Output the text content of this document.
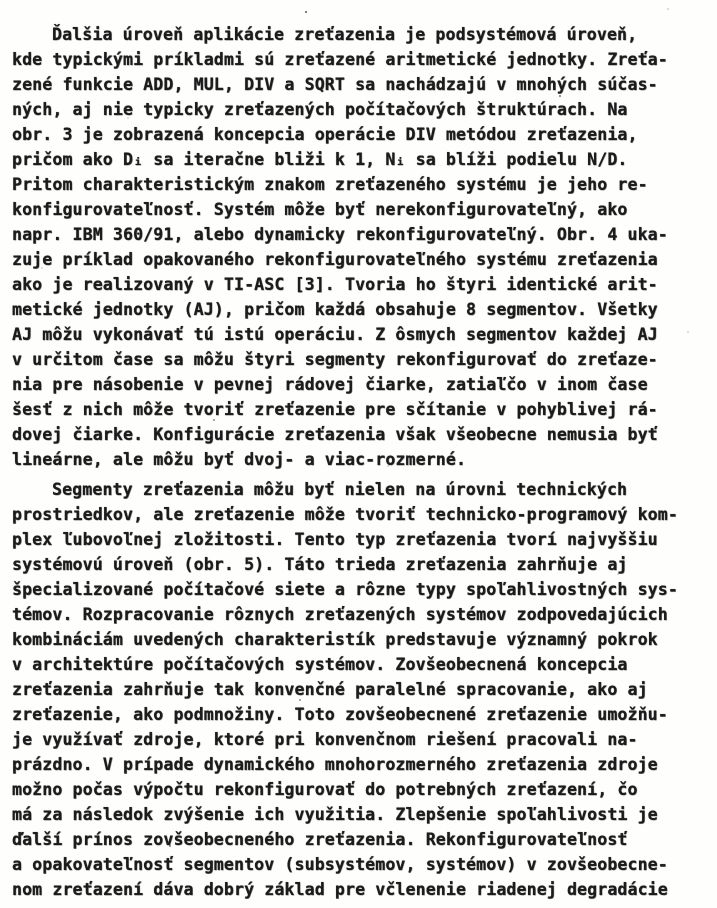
Ďalšia úroveň aplikácie zreťazenia je podsystémová úroveň,
kde typickými príkladmi sú zreťazené aritmetické jednotky. Zreťa-
zené funkcie ADD, MUL, DIV a SQRT sa nachádzajú v mnohých súčas-
ných, aj nie typicky zreťazených počítačových štruktúrach. Na
obr. 3 je zobrazená koncepcia operácie DIV metódou zreťazenia,
pričom ako Dᵢ sa iteračne bliži k 1, Nᵢ sa blíži podielu N/D.
Pritom charakteristickým znakom zreťazeného systému je jeho re-
konfigurovateľnosť. Systém môže byť nerekonfigurovateľný, ako
napr. IBM 360/91, alebo dynamicky rekonfigurovateľný. Obr. 4 uka-
zuje príklad opakovaného rekonfigurovateľného systému zreťazenia
ako je realizovaný v TI-ASC [3]. Tvoria ho štyri identické arit-
metické jednotky (AJ), pričom každá obsahuje 8 segmentov. Všetky
AJ môžu vykonávať tú istú operáciu. Z ôsmych segmentov každej AJ
v určitom čase sa môžu štyri segmenty rekonfigurovať do zreťaze-
nia pre násobenie v pevnej rádovej čiarke, zatiaľčo v inom čase
šesť z nich môže tvoriť zreťazenie pre sčítanie v pohyblivej rá-
dovej čiarke. Konfigurácie zreťazenia však všeobecne nemusia byť
lineárne, ale môžu byť dvoj- a viac-rozmerné.
Segmenty zreťazenia môžu byť nielen na úrovni technických
prostriedkov, ale zreťazenie môže tvoriť technicko-programový kom-
plex ľubovoľnej zložitosti. Tento typ zreťazenia tvorí najvyššiu
systémovú úroveň (obr. 5). Táto trieda zreťazenia zahrňuje aj
špecializované počítačové siete a rôzne typy spoľahlivostných sys-
témov. Rozpracovanie rôznych zreťazených systémov zodpovedajúcich
kombináciám uvedených charakteristík predstavuje významný pokrok
v architektúre počítačových systémov. Zovšeobecnená koncepcia
zreťazenia zahrňuje tak konvenčné paralelné spracovanie, ako aj
zreťazenie, ako podmnožiny. Toto zovšeobecnené zreťazenie umožňu-
je využívať zdroje, ktoré pri konvenčnom riešení pracovali na-
prázdno. V prípade dynamického mnohorozmerného zreťazenia zdroje
možno počas výpočtu rekonfigurovať do potrebných zreťazení, čo
má za následok zvýšenie ich využitia. Zlepšenie spoľahlivosti je
ďalší prínos zovšeobecneného zreťazenia. Rekonfigurovateľnosť
a opakovateľnosť segmentov (subsystémov, systémov) v zovšeobecne-
nom zreťazení dáva dobrý základ pre včlenenie riadenej degradácie
